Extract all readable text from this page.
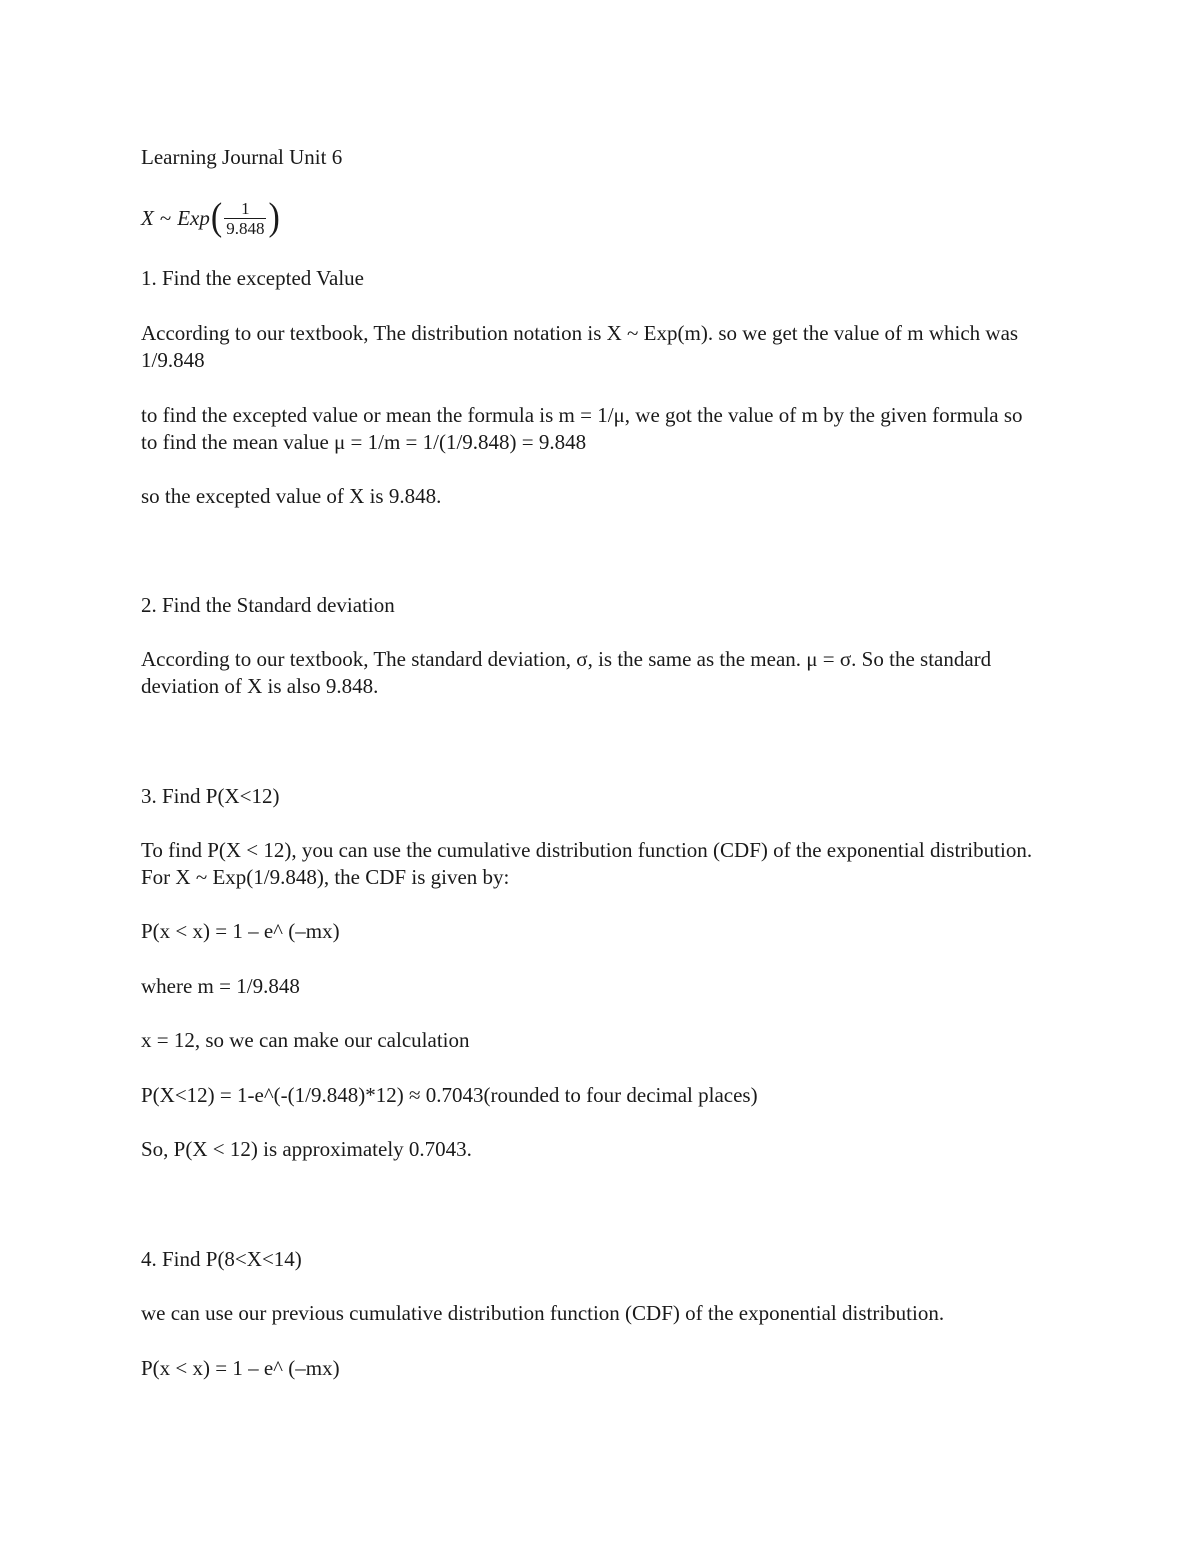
Learning Journal Unit 6
X ~ Exp ( $\frac{1}{9.848}$ )
1. Find the excepted Value
According to our textbook, The distribution notation is X ~ Exp(m). so we get the value of m which was 1/9.848
to find the excepted value or mean the formula is m = 1/μ, we got the value of m by the given formula so to find the mean value μ = 1/m = 1/(1/9.848) = 9.848
so the excepted value of X is 9.848.
2. Find the Standard deviation
According to our textbook, The standard deviation, σ, is the same as the mean. μ = σ. So the standard deviation of X is also 9.848.
3. Find P(X<12)
To find P(X < 12), you can use the cumulative distribution function (CDF) of the exponential distribution. For X ~ Exp(1/9.848), the CDF is given by:
P(x < x) = 1 – e^ (–mx)
where m = 1/9.848
x = 12, so we can make our calculation
P(X<12) = 1-e^(-(1/9.848)*12) ≈ 0.7043(rounded to four decimal places)
So, P(X < 12) is approximately 0.7043.
4. Find P(8<X<14)
we can use our previous cumulative distribution function (CDF) of the exponential distribution.
P(x < x) = 1 – e^ (–mx)
